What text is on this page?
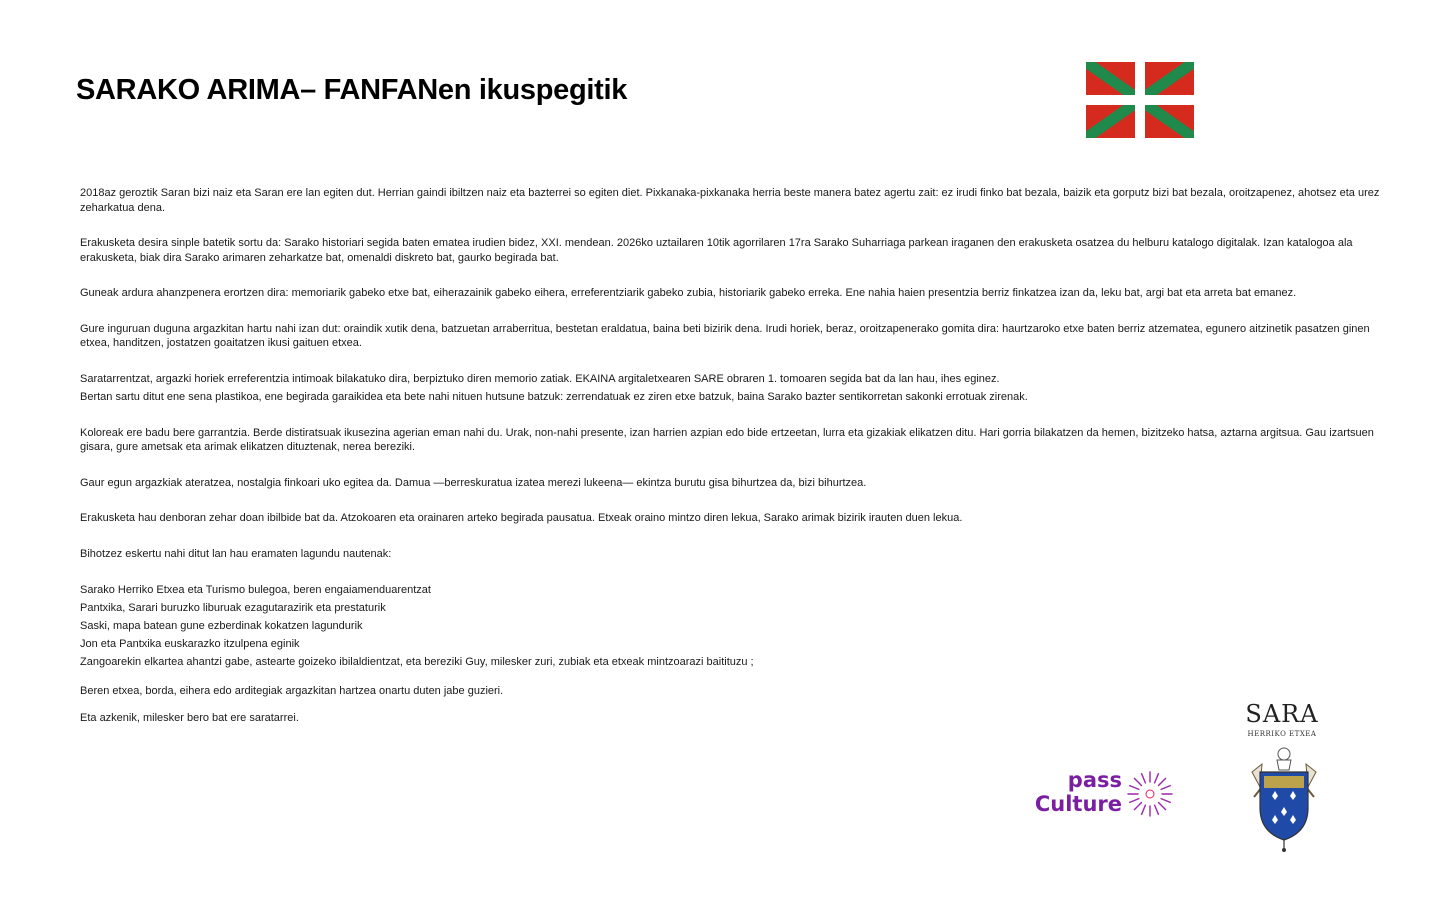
SARAKO ARIMA– FANFANen ikuspegitik

2018az geroztik Saran bizi naiz eta Saran ere lan egiten dut. Herrian gaindi ibiltzen naiz eta bazterrei so egiten diet. Pixkanaka-pixkanaka herria beste manera batez agertu zait: ez irudi finko bat bezala, baizik eta gorputz bizi bat bezala, oroitzapenez, ahotsez eta urez zeharkatua dena.

Erakusketa desira sinple batetik sortu da: Sarako historiari segida baten ematea irudien bidez, XXI. mendean. 2026ko uztailaren 10tik agorrilaren 17ra Sarako Suharriaga parkean iraganen den erakusketa osatzea du helburu katalogo digitalak. Izan katalogoa ala erakusketa, biak dira Sarako arimaren zeharkatze bat, omenaldi diskreto bat, gaurko begirada bat.

Guneak ardura ahanzpenera erortzen dira: memoriarik gabeko etxe bat, eiherazainik gabeko eihera, erreferentziarik gabeko zubia, historiarik gabeko erreka. Ene nahia haien presentzia berriz finkatzea izan da, leku bat, argi bat eta arreta bat emanez.

Gure inguruan duguna argazkitan hartu nahi izan dut: oraindik xutik dena, batzuetan arraberritua, bestetan eraldatua, baina beti bizirik dena. Irudi horiek, beraz, oroitzapenerako gomita dira: haurtzaroko etxe baten berriz atzematea, egunero aitzinetik pasatzen ginen etxea, handitzen, jostatzen goaitatzen ikusi gaituen etxea.

Saratarrentzat, argazki horiek erreferentzia intimoak bilakatuko dira, berpiztuko diren memorio zatiak. EKAINA argitaletxearen SARE obraren 1. tomoaren segida bat da lan hau, ihes eginez.

Bertan sartu ditut ene sena plastikoa, ene begirada garaikidea eta bete nahi nituen hutsune batzuk: zerrendatuak ez ziren etxe batzuk, baina Sarako bazter sentikorretan sakonki errotuak zirenak.

Koloreak ere badu bere garrantzia. Berde distiratsuak ikusezina agerian eman nahi du. Urak, non-nahi presente, izan harrien azpian edo bide ertzeetan, lurra eta gizakiak elikatzen ditu. Hari gorria bilakatzen da hemen, bizitzeko hatsa, aztarna argitsua. Gau izartsuen gisara, gure ametsak eta arimak elikatzen dituztenak, nerea bereziki.

Gaur egun argazkiak ateratzea, nostalgia finkoari uko egitea da. Damua —berreskuratua izatea merezi lukeena— ekintza burutu gisa bihurtzea da, bizi bihurtzea.

Erakusketa hau denboran zehar doan ibilbide bat da. Atzokoaren eta orainaren arteko begirada pausatua. Etxeak oraino mintzo diren lekua, Sarako arimak bizirik irauten duen lekua.

Bihotzez eskertu nahi ditut lan hau eramaten lagundu nautenak:

Sarako Herriko Etxea eta Turismo bulegoa, beren engaiamenduarentzat

Pantxika, Sarari buruzko liburuak ezagutarazirik eta prestaturik

Saski, mapa batean gune ezberdinak kokatzen lagundurik

Jon eta Pantxika euskarazko itzulpena eginik

Zangoarekin elkartea ahantzi gabe, astearte goizeko ibilaldientzat, eta bereziki Guy, milesker zuri, zubiak eta etxeak mintzoarazi baitituzu ;

Beren etxea, borda, eihera edo arditegiak argazkitan hartzea onartu duten jabe guzieri.

Eta azkenik, milesker bero bat ere saratarrei.

pass
Culture
SARA
HERRIKO ETXEA
